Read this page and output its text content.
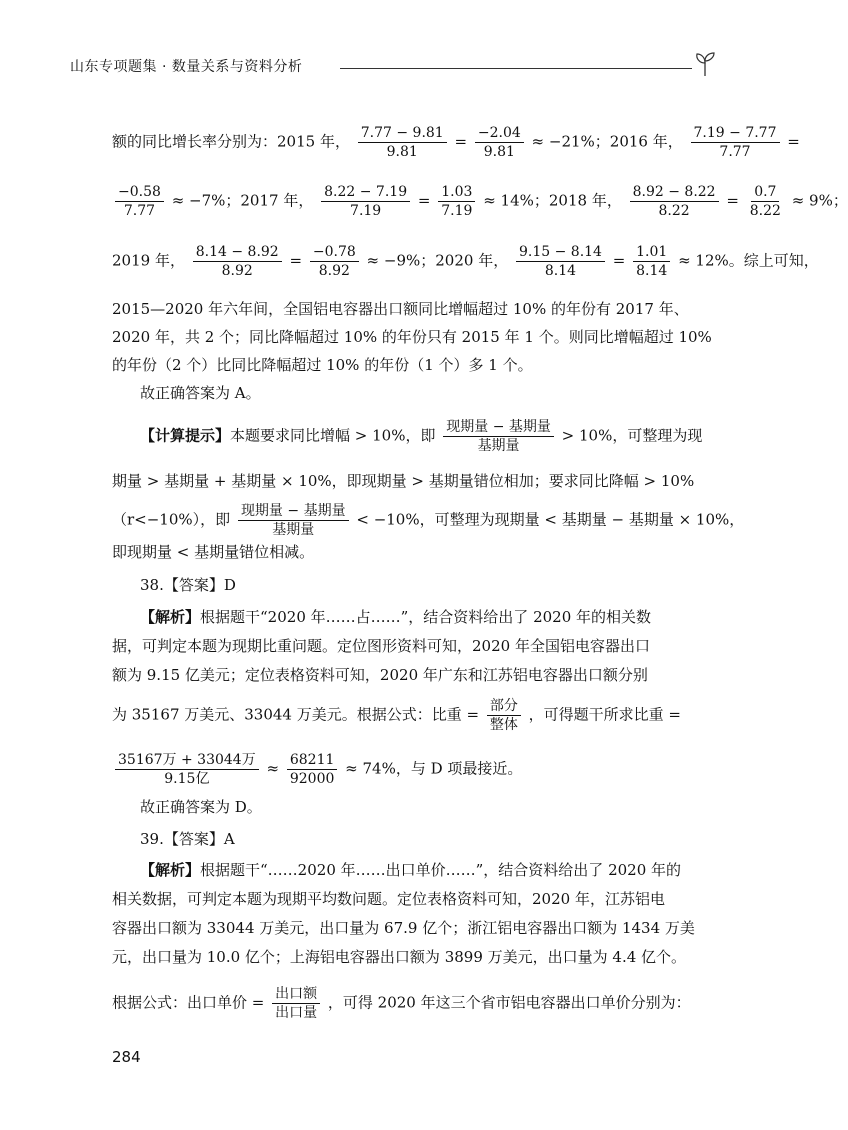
山东专项题集 · 数量关系与资料分析
额的同比增长率分别为：2015 年， $\frac{7.77 - 9.81}{9.81} = \frac{-2.04}{9.81} \approx -21\%$；2016 年， $\frac{7.19 - 7.77}{7.77}$ =
$\frac{-0.58}{7.77} \approx -7\%$；2017 年， $\frac{8.22 - 7.19}{7.19} = \frac{1.03}{7.19} \approx 14\%$；2018 年， $\frac{8.92 - 8.22}{8.22} = \frac{0.7}{8.22} \approx 9\%$；
2019 年， $\frac{8.14 - 8.92}{8.92} = \frac{-0.78}{8.92} \approx -9\%$；2020 年， $\frac{9.15 - 8.14}{8.14} = \frac{1.01}{8.14} \approx 12\%$。综上可知，
2015—2020 年六年间，全国铝电容器出口额同比增幅超过 10% 的年份有 2017 年、
2020 年，共 2 个；同比降幅超过 10% 的年份只有 2015 年 1 个。则同比增幅超过 10%
的年份（2 个）比同比降幅超过 10% 的年份（1 个）多 1 个。
故正确答案为 A。
【计算提示】本题要求同比增幅 > 10%，即 $\frac{\text{现期量 − 基期量}}{\text{基期量}} > 10\%$，可整理为现
期量 > 基期量 + 基期量 × 10%，即现期量 > 基期量错位相加；要求同比降幅 > 10%
（r<−10%），即 $\frac{\text{现期量 − 基期量}}{\text{基期量}} < -10\%$，可整理为现期量 < 基期量 − 基期量 × 10%，
即现期量 < 基期量错位相减。
38.【答案】D
【解析】根据题干“2020 年……占……”，结合资料给出了 2020 年的相关数
据，可判定本题为现期比重问题。定位图形资料可知，2020 年全国铝电容器出口
额为 9.15 亿美元；定位表格资料可知，2020 年广东和江苏铝电容器出口额分别
为 35167 万美元、33044 万美元。根据公式：比重 = $\frac{\text{部分}}{\text{整体}}$ ，可得题干所求比重 =
$\frac{\text{35167万 + 33044万}}{\text{9.15亿}} \approx \frac{68211}{92000} \approx 74\%$，与 D 项最接近。
故正确答案为 D。
39.【答案】A
【解析】根据题干“……2020 年……出口单价……”，结合资料给出了 2020 年的
相关数据，可判定本题为现期平均数问题。定位表格资料可知，2020 年，江苏铝电
容器出口额为 33044 万美元，出口量为 67.9 亿个；浙江铝电容器出口额为 1434 万美
元，出口量为 10.0 亿个；上海铝电容器出口额为 3899 万美元，出口量为 4.4 亿个。
根据公式：出口单价 = $\frac{\text{出口额}}{\text{出口量}}$ ，可得 2020 年这三个省市铝电容器出口单价分别为：
284
